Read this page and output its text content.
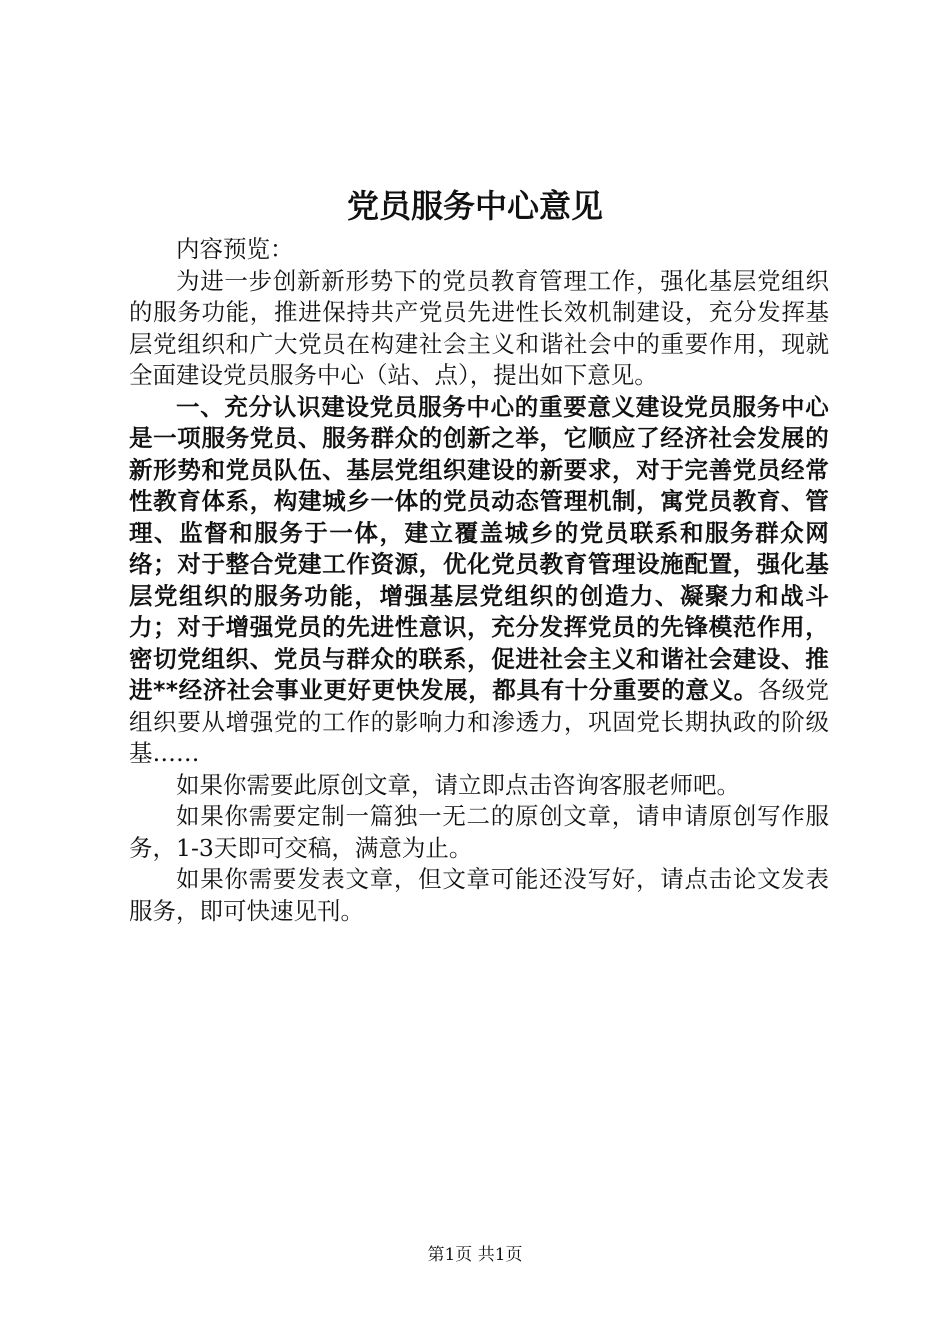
党员服务中心意见

内容预览：

为进一步创新新形势下的党员教育管理工作，强化基层党组织的服务功能，推进保持共产党员先进性长效机制建设，充分发挥基层党组织和广大党员在构建社会主义和谐社会中的重要作用，现就全面建设党员服务中心（站、点），提出如下意见。

一、充分认识建设党员服务中心的重要意义建设党员服务中心是一项服务党员、服务群众的创新之举，它顺应了经济社会发展的新形势和党员队伍、基层党组织建设的新要求，对于完善党员经常性教育体系，构建城乡一体的党员动态管理机制，寓党员教育、管理、监督和服务于一体，建立覆盖城乡的党员联系和服务群众网络；对于整合党建工作资源，优化党员教育管理设施配置，强化基层党组织的服务功能，增强基层党组织的创造力、凝聚力和战斗力；对于增强党员的先进性意识，充分发挥党员的先锋模范作用，密切党组织、党员与群众的联系，促进社会主义和谐社会建设、推进**经济社会事业更好更快发展，都具有十分重要的意义。各级党组织要从增强党的工作的影响力和渗透力，巩固党长期执政的阶级基……

如果你需要此原创文章，请立即点击咨询客服老师吧。

如果你需要定制一篇独一无二的原创文章，请申请原创写作服务，1-3天即可交稿，满意为止。

如果你需要发表文章，但文章可能还没写好，请点击论文发表服务，即可快速见刊。

第1页 共1页
